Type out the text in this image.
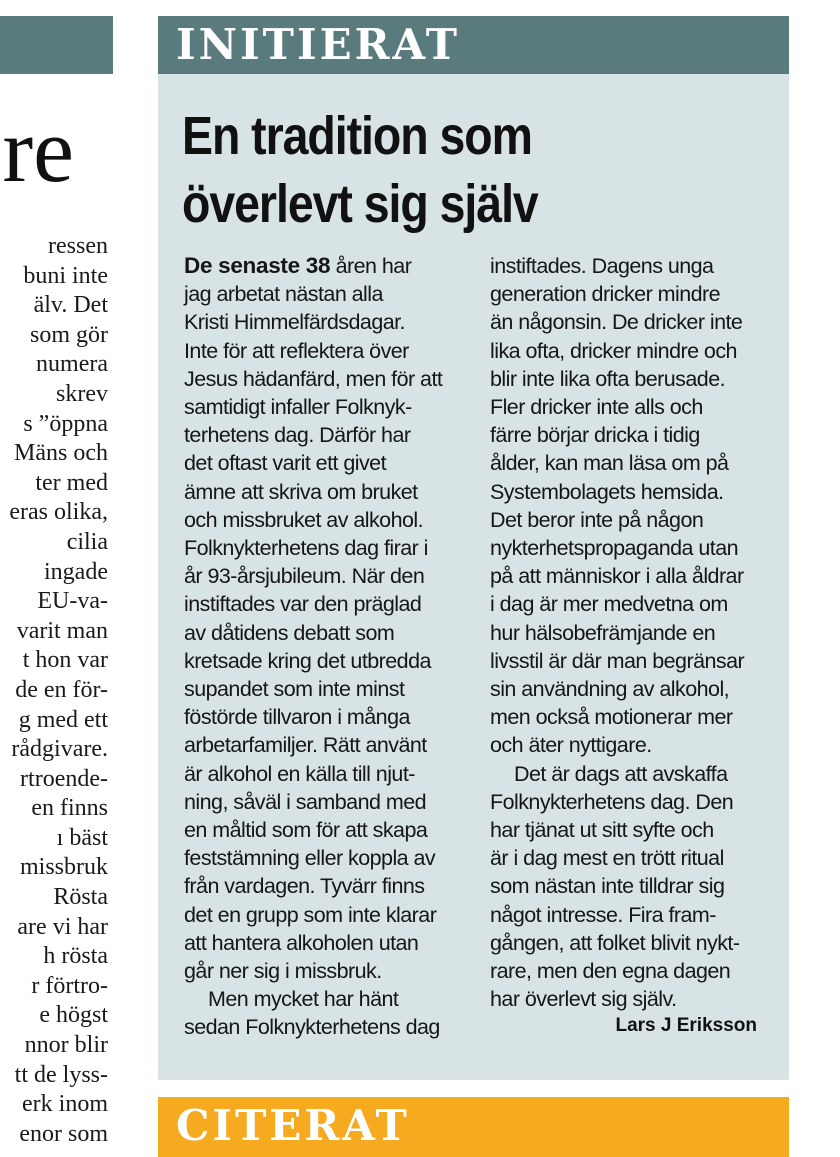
re
ressen
buni inte
älv. Det
som gör
numera
skrev
s ”öppna
Mäns och
ter med
eras olika,
cilia
ingade
EU-va-
varit man
t hon var
de en för-
g med ett
rådgivare.
rtroende-
en finns
ı bäst
missbruk
Rösta
are vi har
h rösta
r förtro-
e högst
nnor blir
tt de lyss-
erk inom
enor som
INITIERAT
En tradition som
överlevt sig själv
De senaste 38 åren har
jag arbetat nästan alla
Kristi Himmelfärdsdagar.
Inte för att reflektera över
Jesus hädanfärd, men för att
samtidigt infaller Folknyk-
terhetens dag. Därför har
det oftast varit ett givet
ämne att skriva om bruket
och missbruket av alkohol.
Folknykterhetens dag firar i
år 93-årsjubileum. När den
instiftades var den präglad
av dåtidens debatt som
kretsade kring det utbredda
supandet som inte minst
föstörde tillvaron i många
arbetarfamiljer. Rätt använt
är alkohol en källa till njut-
ning, såväl i samband med
en måltid som för att skapa
feststämning eller koppla av
från vardagen. Tyvärr finns
det en grupp som inte klarar
att hantera alkoholen utan
går ner sig i missbruk.
Men mycket har hänt
sedan Folknykterhetens dag
instiftades. Dagens unga
generation dricker mindre
än någonsin. De dricker inte
lika ofta, dricker mindre och
blir inte lika ofta berusade.
Fler dricker inte alls och
färre börjar dricka i tidig
ålder, kan man läsa om på
Systembolagets hemsida.
Det beror inte på någon
nykterhetspropaganda utan
på att människor i alla åldrar
i dag är mer medvetna om
hur hälsobefrämjande en
livsstil är där man begränsar
sin användning av alkohol,
men också motionerar mer
och äter nyttigare.
Det är dags att avskaffa
Folknykterhetens dag. Den
har tjänat ut sitt syfte och
är i dag mest en trött ritual
som nästan inte tilldrar sig
något intresse. Fira fram-
gången, att folket blivit nykt-
rare, men den egna dagen
har överlevt sig själv.
Lars J Eriksson
CITERAT
